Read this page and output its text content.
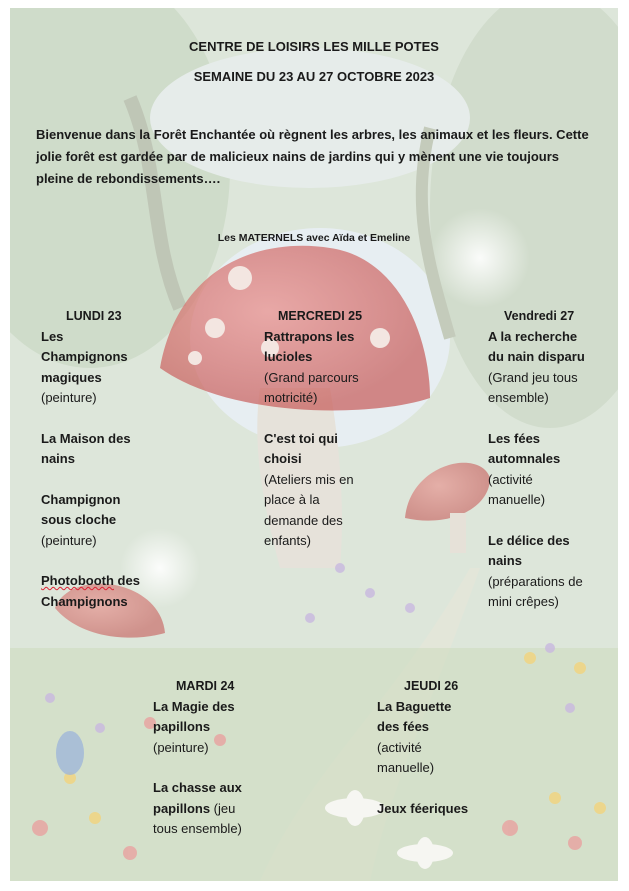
CENTRE DE LOISIRS LES MILLE POTES
SEMAINE DU 23 AU 27 OCTOBRE 2023
Bienvenue dans la Forêt Enchantée où règnent les arbres, les animaux et les fleurs. Cette jolie forêt est gardée par de malicieux nains de jardins qui y mènent une vie toujours pleine de rebondissements….
Les MATERNELS avec Aïda et Emeline
LUNDI 23

Les Champignons magiques
(peinture)

La Maison des nains

Champignon sous cloche (peinture)

Photobooth des Champignons

MERCREDI 25

Rattrapons les lucioles
(Grand parcours motricité)

C'est toi qui choisi
(Ateliers mis en place à la demande des enfants)

Vendredi 27

A la recherche du nain disparu
(Grand jeu tous ensemble)

Les fées automnales
(activité manuelle)

Le délice des nains
(préparations de mini crêpes)

MARDI 24

La Magie des papillons
(peinture)

La chasse aux papillons (jeu tous ensemble)

JEUDI 26

La Baguette des fées (activité manuelle)

Jeux féeriques
